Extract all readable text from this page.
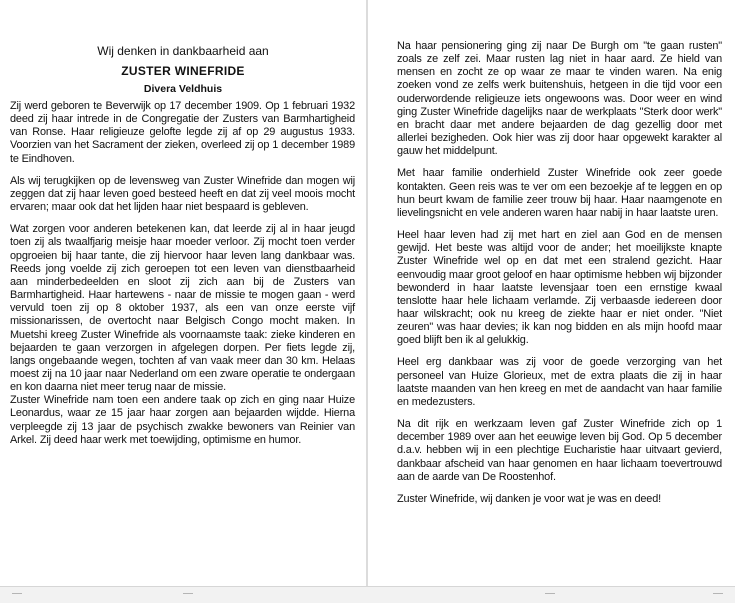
Wij denken in dankbaarheid aan
ZUSTER WINEFRIDE
Divera Veldhuis

Zij werd geboren te Beverwijk op 17 december 1909. Op 1 februari 1932 deed zij haar intrede in de Congregatie der Zusters van Barmhartigheid van Ronse. Haar religieuze gelofte legde zij af op 29 augustus 1933. Voorzien van het Sacrament der zieken, overleed zij op 1 december 1989 te Eindhoven.

Als wij terugkijken op de levensweg van Zuster Winefride dan mogen wij zeggen dat zij haar leven goed besteed heeft en dat zij veel moois mocht ervaren; maar ook dat het lijden haar niet bespaard is gebleven.

Wat zorgen voor anderen betekenen kan, dat leerde zij al in haar jeugd toen zij als twaalfjarig meisje haar moeder verloor. Zij mocht toen verder opgroeien bij haar tante, die zij hiervoor haar leven lang dankbaar was. Reeds jong voelde zij zich geroepen tot een leven van dienstbaarheid aan minderbedeelden en sloot zij zich aan bij de Zusters van Barmhartigheid. Haar hartewens - naar de missie te mogen gaan - werd vervuld toen zij op 8 oktober 1937, als een van onze eerste vijf missionarissen, de overtocht naar Belgisch Congo mocht maken. In Muetshi kreeg Zuster Winefride als voornaamste taak: zieke kinderen en bejaarden te gaan verzorgen in afgelegen dorpen. Per fiets legde zij, langs ongebaande wegen, tochten af van vaak meer dan 30 km. Helaas moest zij na 10 jaar naar Nederland om een zware operatie te ondergaan en kon daarna niet meer terug naar de missie.

Zuster Winefride nam toen een andere taak op zich en ging naar Huize Leonardus, waar ze 15 jaar haar zorgen aan bejaarden wijdde. Hierna verpleegde zij 13 jaar de psychisch zwakke bewoners van Reinier van Arkel. Zij deed haar werk met toewijding, optimisme en humor.

Na haar pensionering ging zij naar De Burgh om "te gaan rusten" zoals ze zelf zei. Maar rusten lag niet in haar aard. Ze hield van mensen en zocht ze op waar ze maar te vinden waren. Na enig zoeken vond ze zelfs werk buitenshuis, hetgeen in die tijd voor een ouderwordende religieuze iets ongewoons was. Door weer en wind ging Zuster Winefride dagelijks naar de werkplaats "Sterk door werk" en bracht daar met andere bejaarden de dag gezellig door met allerlei bezigheden. Ook hier was zij door haar opgewekt karakter al gauw het middelpunt.

Met haar familie onderhield Zuster Winefride ook zeer goede kontakten. Geen reis was te ver om een bezoekje af te leggen en op hun beurt kwam de familie zeer trouw bij haar. Haar naamgenote en lievelingsnicht en vele anderen waren haar nabij in haar laatste uren.

Heel haar leven had zij met hart en ziel aan God en de mensen gewijd. Het beste was altijd voor de ander; het moeilijkste knapte Zuster Winefride wel op en dat met een stralend gezicht. Haar eenvoudig maar groot geloof en haar optimisme hebben wij bijzonder bewonderd in haar laatste levensjaar toen een ernstige kwaal tenslotte haar hele lichaam verlamde. Zij verbaasde iedereen door haar wilskracht; ook nu kreeg de ziekte haar er niet onder. "Niet zeuren" was haar devies; ik kan nog bidden en als mijn hoofd maar goed blijft ben ik al gelukkig.

Heel erg dankbaar was zij voor de goede verzorging van het personeel van Huize Glorieux, met de extra plaats die zij in haar laatste maanden van hen kreeg en met de aandacht van haar familie en medezusters.

Na dit rijk en werkzaam leven gaf Zuster Winefride zich op 1 december 1989 over aan het eeuwige leven bij God. Op 5 december d.a.v. hebben wij in een plechtige Eucharistie haar uitvaart gevierd, dankbaar afscheid van haar genomen en haar lichaam toevertrouwd aan de aarde van De Roostenhof.

Zuster Winefride, wij danken je voor wat je was en deed!
